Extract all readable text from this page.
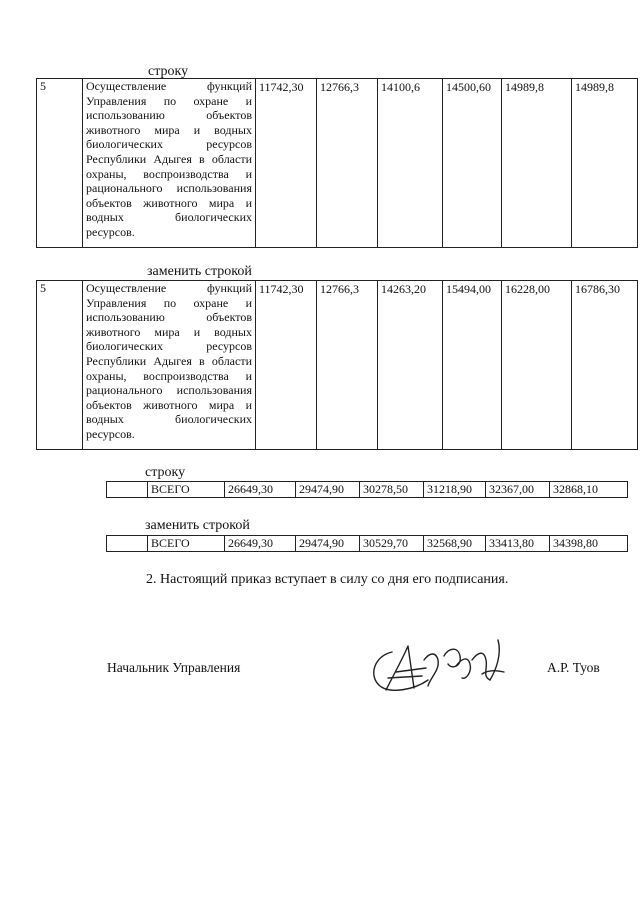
строку
5	Осуществление функций Управления по охране и использованию объектов животного мира и водных биологических ресурсов Республики Адыгея в области охраны, воспроизводства и рационального использования объектов животного мира и водных биологических ресурсов.	11742,30	12766,3	14100,6	14500,60	14989,8	14989,8
заменить строкой
5	Осуществление функций Управления по охране и использованию объектов животного мира и водных биологических ресурсов Республики Адыгея в области охраны, воспроизводства и рационального использования объектов животного мира и водных биологических ресурсов.	11742,30	12766,3	14263,20	15494,00	16228,00	16786,30
строку
	ВСЕГО	26649,30	29474,90	30278,50	31218,90	32367,00	32868,10
заменить строкой
	ВСЕГО	26649,30	29474,90	30529,70	32568,90	33413,80	34398,80
2. Настоящий приказ вступает в силу со дня его подписания.
Начальник Управления	А.Р. Туов
